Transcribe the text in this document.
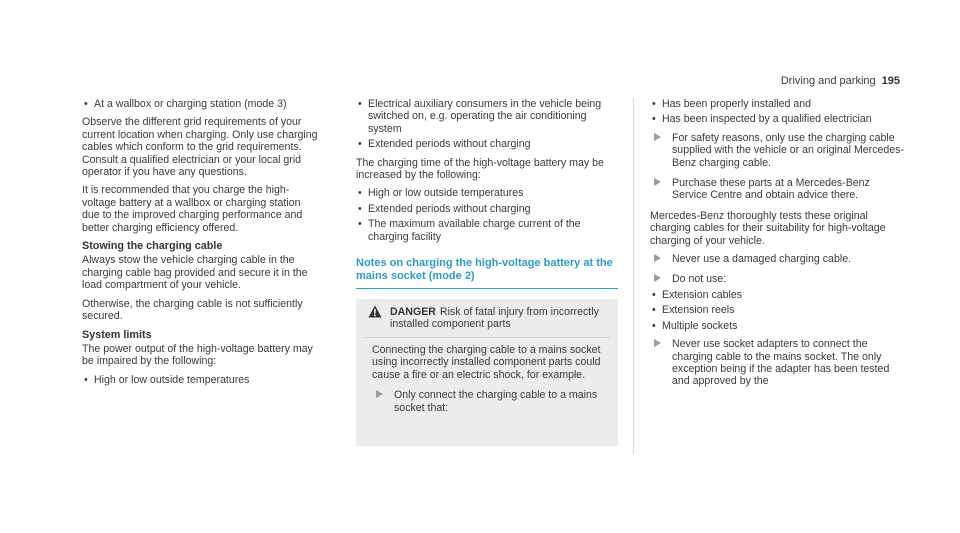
Driving and parking 195
• At a wallbox or charging station (mode 3)

Observe the different grid requirements of your current location when charging. Only use charging cables which conform to the grid requirements. Consult a qualified electrician or your local grid operator if you have any questions.

It is recommended that you charge the high-voltage battery at a wallbox or charging station due to the improved charging performance and better charging efficiency offered.

Stowing the charging cable

Always stow the vehicle charging cable in the charging cable bag provided and secure it in the load compartment of your vehicle.

Otherwise, the charging cable is not sufficiently secured.

System limits

The power output of the high-voltage battery may be impaired by the following:

• High or low outside temperatures
• Electrical auxiliary consumers in the vehicle being switched on, e.g. operating the air conditioning system
• Extended periods without charging

The charging time of the high-voltage battery may be increased by the following:

• High or low outside temperatures
• Extended periods without charging
• The maximum available charge current of the charging facility
Notes on charging the high-voltage battery at the mains socket (mode 2)
DANGER Risk of fatal injury from incorrectly installed component parts

Connecting the charging cable to a mains socket using incorrectly installed component parts could cause a fire or an electric shock, for example.

Only connect the charging cable to a mains socket that:
• Has been properly installed and
• Has been inspected by a qualified electrician
For safety reasons, only use the charging cable supplied with the vehicle or an original Mercedes-Benz charging cable.
Purchase these parts at a Mercedes-Benz Service Centre and obtain advice there.

Mercedes-Benz thoroughly tests these original charging cables for their suitability for high-voltage charging of your vehicle.

Never use a damaged charging cable.
Do not use:
• Extension cables
• Extension reels
• Multiple sockets
Never use socket adapters to connect the charging cable to the mains socket. The only exception being if the adapter has been tested and approved by the
